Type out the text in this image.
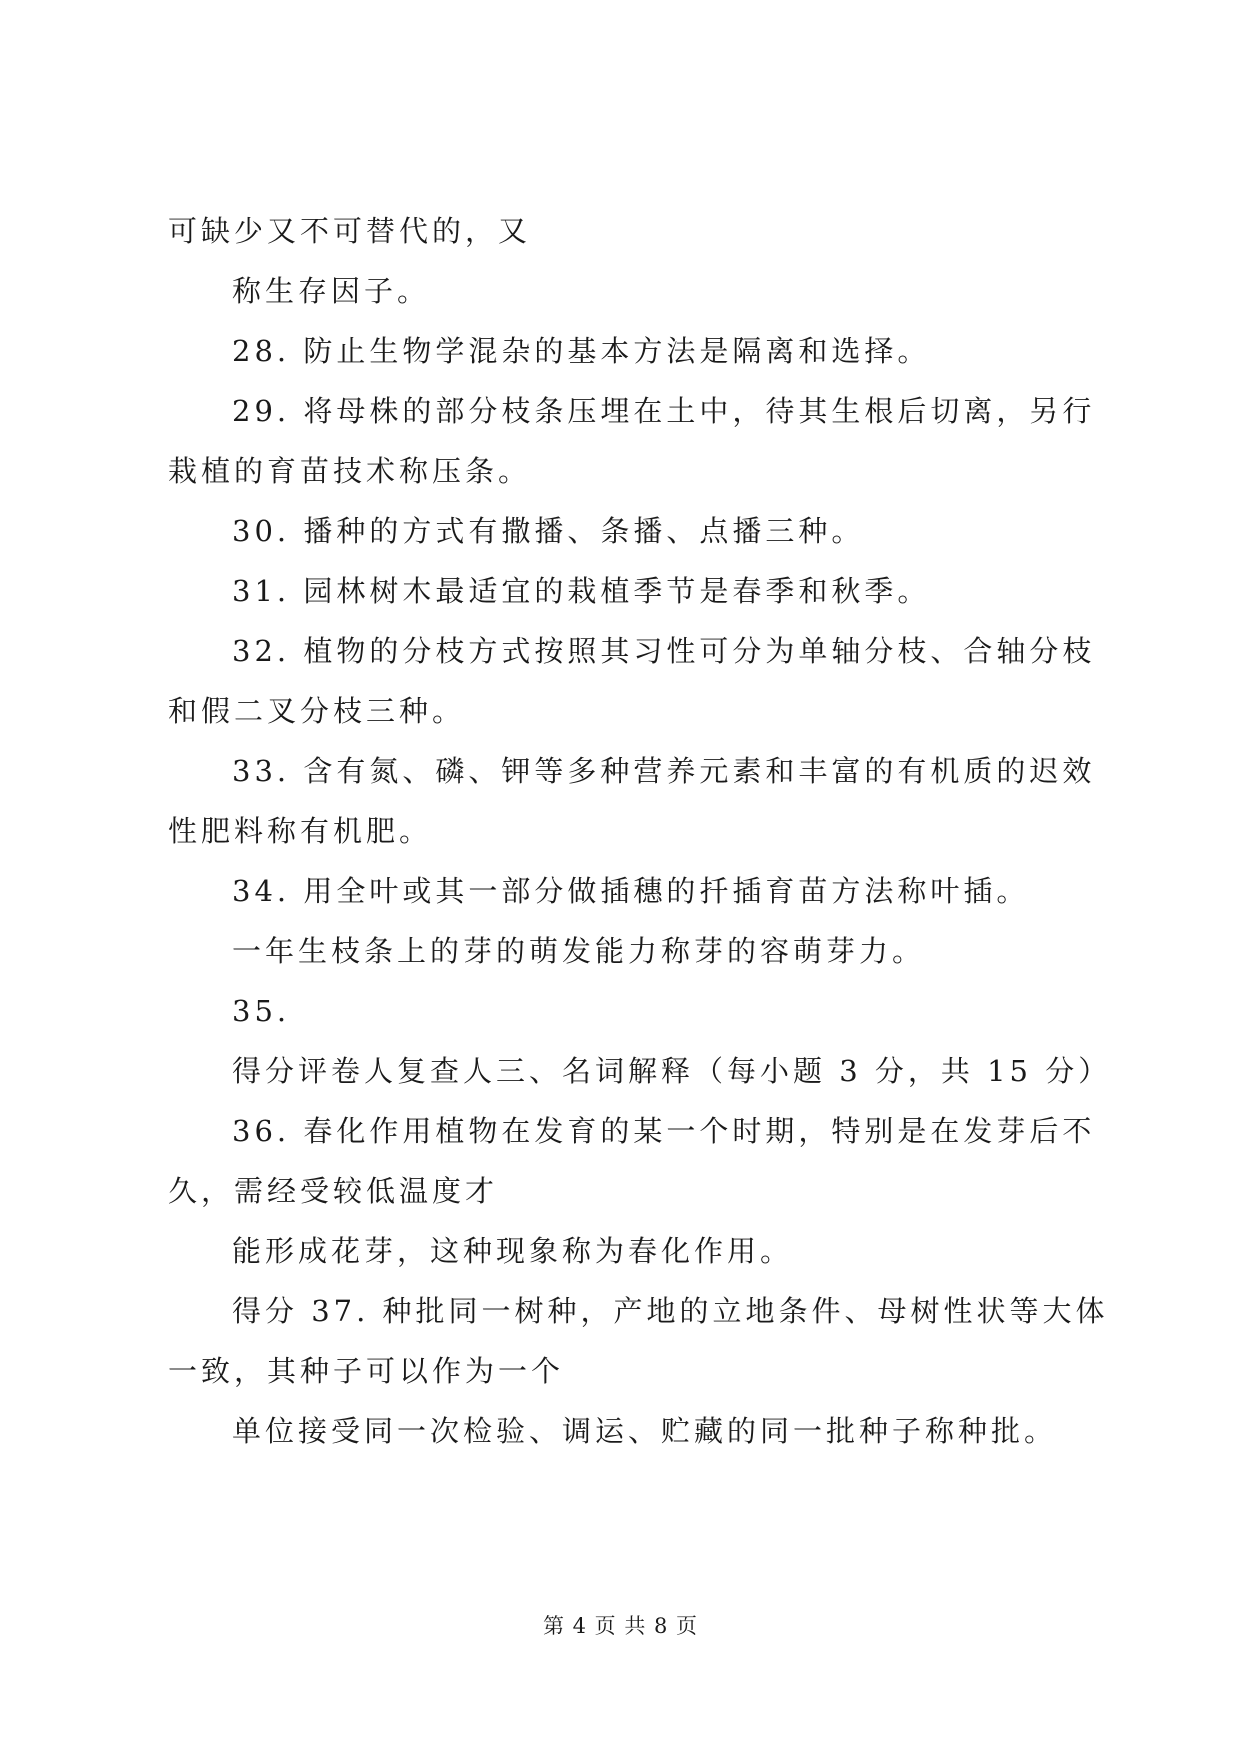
可缺少又不可替代的，又

称生存因子。

28. 防止生物学混杂的基本方法是隔离和选择。

29. 将母株的部分枝条压埋在土中，待其生根后切离，另行

栽植的育苗技术称压条。

30. 播种的方式有撒播、条播、点播三种。

31. 园林树木最适宜的栽植季节是春季和秋季。

32. 植物的分枝方式按照其习性可分为单轴分枝、合轴分枝

和假二叉分枝三种。

33. 含有氮、磷、钾等多种营养元素和丰富的有机质的迟效

性肥料称有机肥。

34. 用全叶或其一部分做插穗的扦插育苗方法称叶插。

一年生枝条上的芽的萌发能力称芽的容萌芽力。

35.

得分评卷人复查人三、名词解释（每小题 3 分，共 15 分）

36. 春化作用植物在发育的某一个时期，特别是在发芽后不

久，需经受较低温度才

能形成花芽，这种现象称为春化作用。

得分 37. 种批同一树种，产地的立地条件、母树性状等大体

一致，其种子可以作为一个

单位接受同一次检验、调运、贮藏的同一批种子称种批。

第 4 页 共 8 页
